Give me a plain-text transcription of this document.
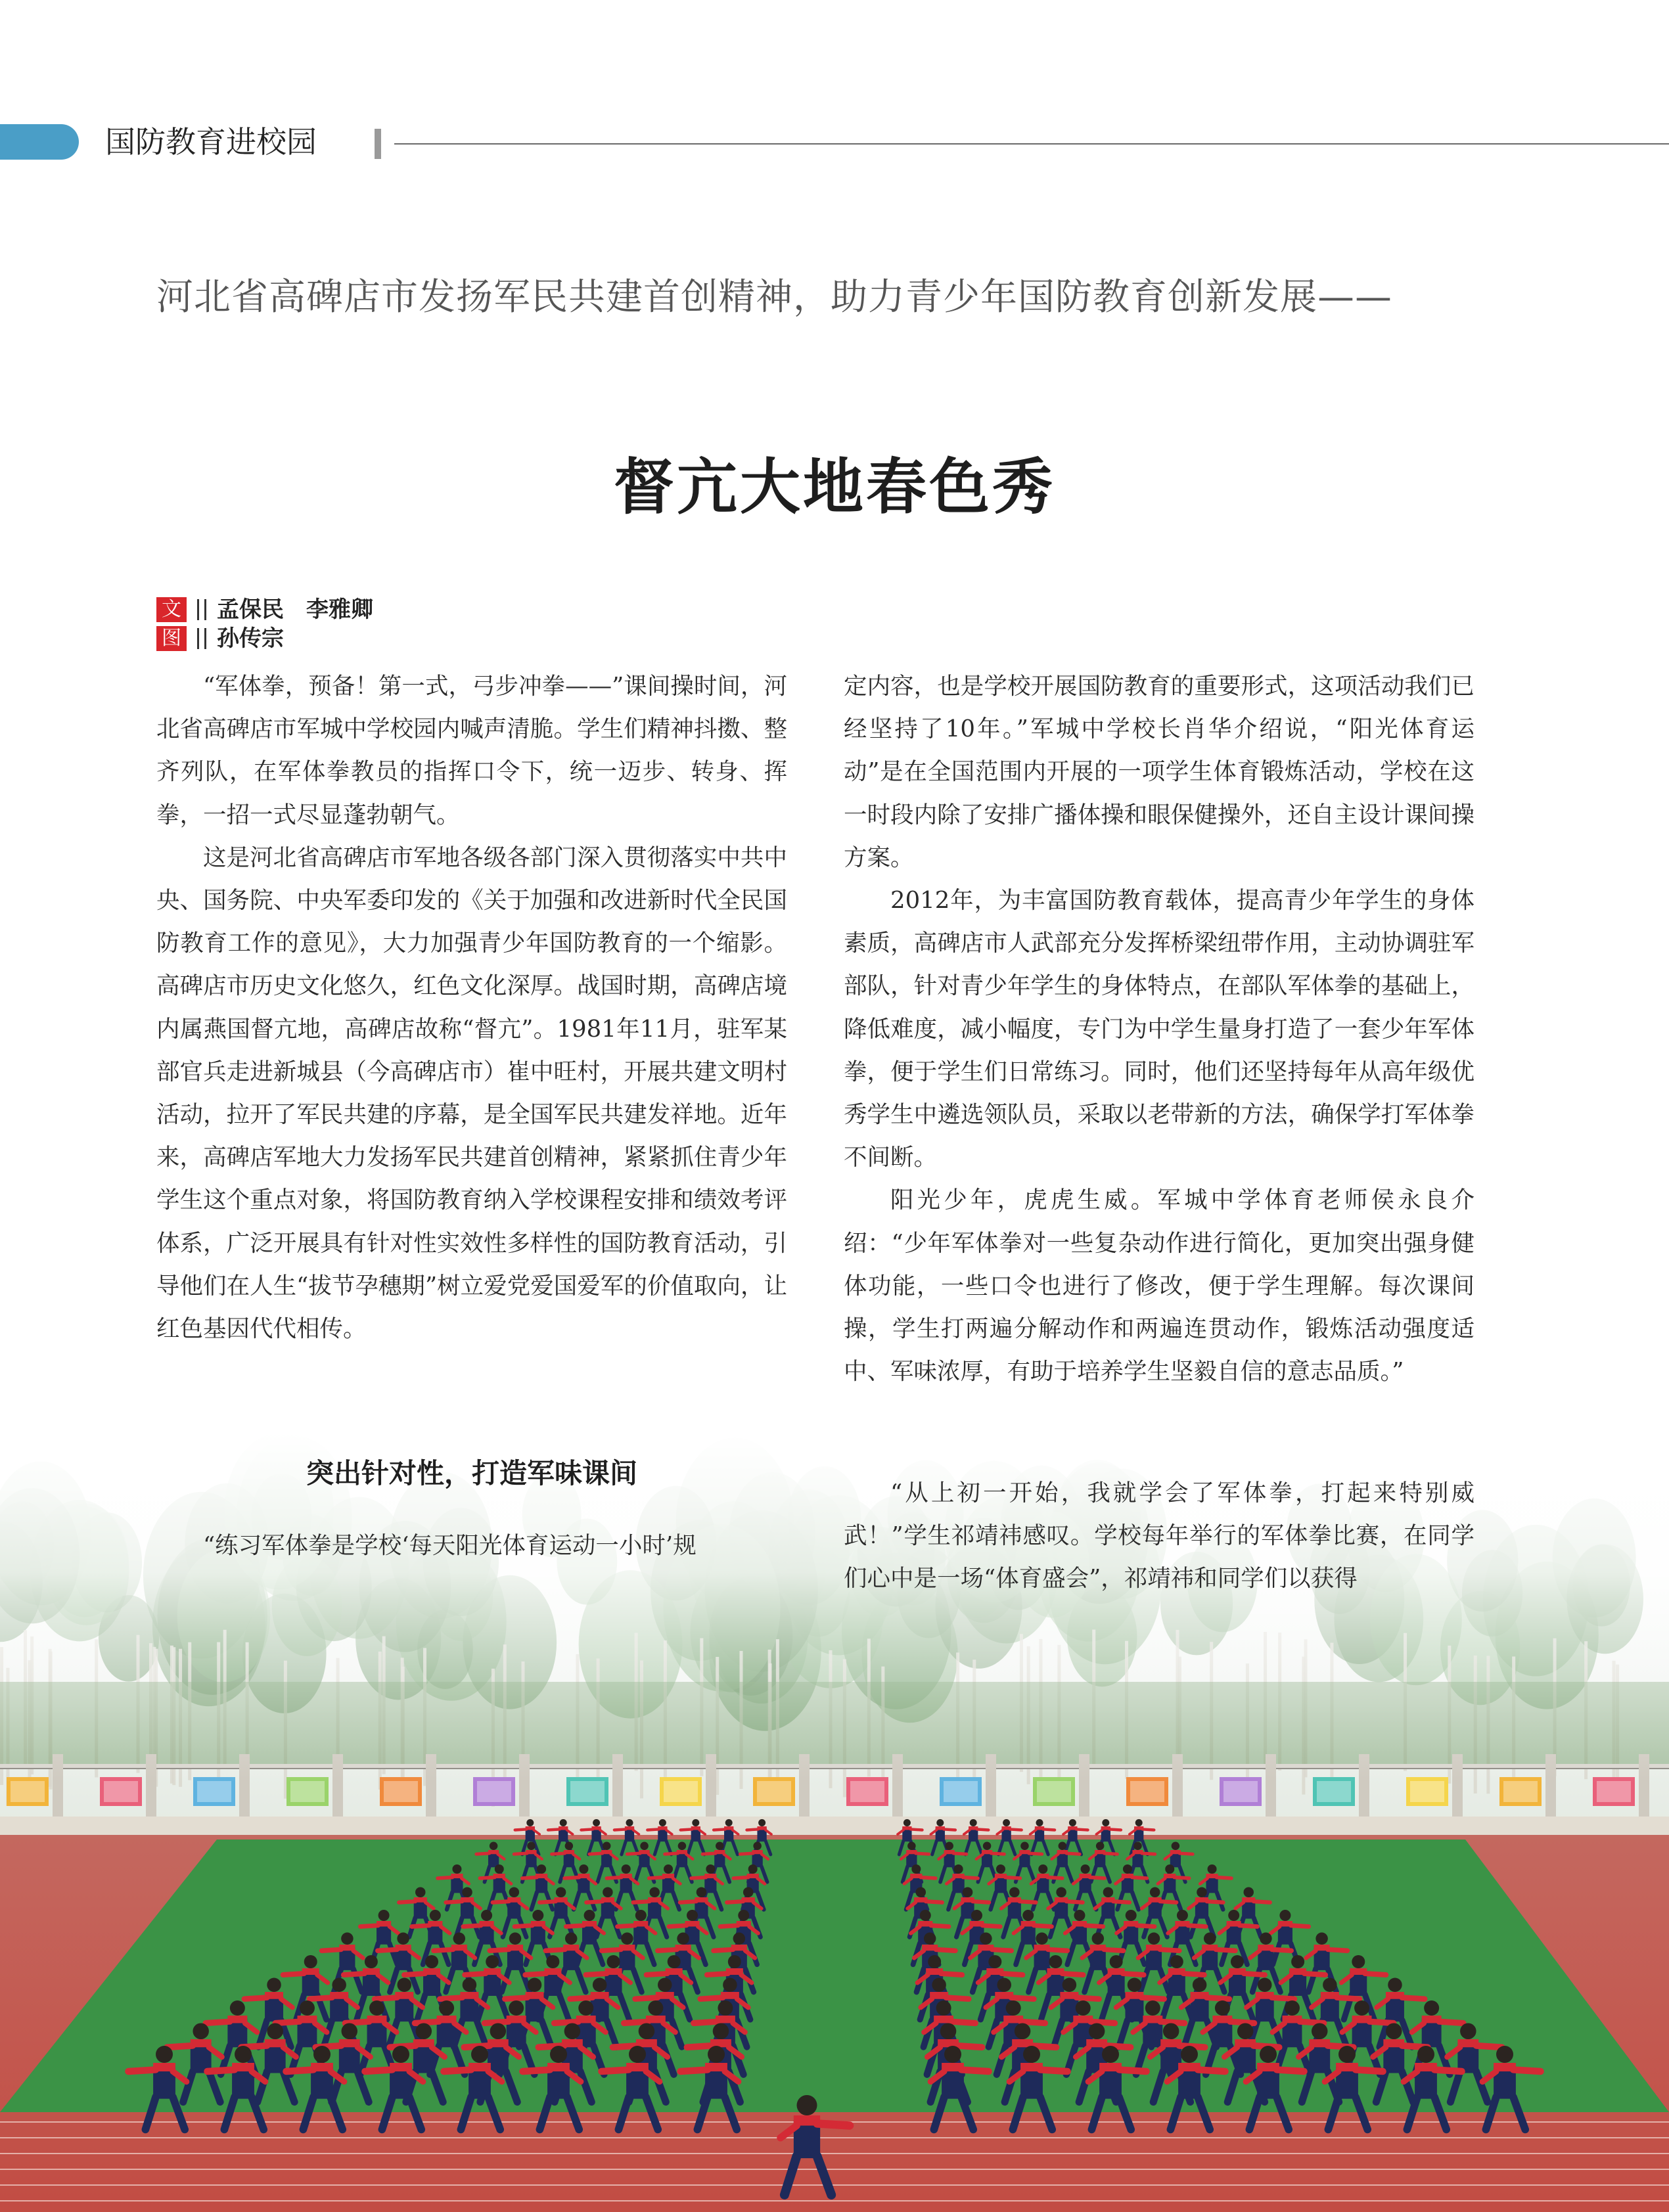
国防教育进校园
河北省高碑店市发扬军民共建首创精神，助力青少年国防教育创新发展——
督亢大地春色秀
文 孟保民　李雅卿
图 孙传宗

“军体拳，预备！第一式，弓步冲拳——”课间操时间，河北省高碑店市军城中学校园内喊声清脆。学生们精神抖擞、整齐列队，在军体拳教员的指挥口令下，统一迈步、转身、挥拳，一招一式尽显蓬勃朝气。

这是河北省高碑店市军地各级各部门深入贯彻落实中共中央、国务院、中央军委印发的《关于加强和改进新时代全民国防教育工作的意见》，大力加强青少年国防教育的一个缩影。高碑店市历史文化悠久，红色文化深厚。战国时期，高碑店境内属燕国督亢地，高碑店故称“督亢”。1981年11月，驻军某部官兵走进新城县（今高碑店市）崔中旺村，开展共建文明村活动，拉开了军民共建的序幕，是全国军民共建发祥地。近年来，高碑店军地大力发扬军民共建首创精神，紧紧抓住青少年学生这个重点对象，将国防教育纳入学校课程安排和绩效考评体系，广泛开展具有针对性实效性多样性的国防教育活动，引导他们在人生“拔节孕穗期”树立爱党爱国爱军的价值取向，让红色基因代代相传。

突出针对性，打造军味课间

“练习军体拳是学校‘每天阳光体育运动一小时’规

定内容，也是学校开展国防教育的重要形式，这项活动我们已经坚持了10年。”军城中学校长肖华介绍说，“阳光体育运动”是在全国范围内开展的一项学生体育锻炼活动，学校在这一时段内除了安排广播体操和眼保健操外，还自主设计课间操方案。

2012年，为丰富国防教育载体，提高青少年学生的身体素质，高碑店市人武部充分发挥桥梁纽带作用，主动协调驻军部队，针对青少年学生的身体特点，在部队军体拳的基础上，降低难度，减小幅度，专门为中学生量身打造了一套少年军体拳，便于学生们日常练习。同时，他们还坚持每年从高年级优秀学生中遴选领队员，采取以老带新的方法，确保学打军体拳不间断。

阳光少年，虎虎生威。军城中学体育老师侯永良介绍：“少年军体拳对一些复杂动作进行简化，更加突出强身健体功能，一些口令也进行了修改，便于学生理解。每次课间操，学生打两遍分解动作和两遍连贯动作，锻炼活动强度适中、军味浓厚，有助于培养学生坚毅自信的意志品质。”

“从上初一开始，我就学会了军体拳，打起来特别威武！”学生祁靖祎感叹。学校每年举行的军体拳比赛，在同学们心中是一场“体育盛会”，祁靖祎和同学们以获得
